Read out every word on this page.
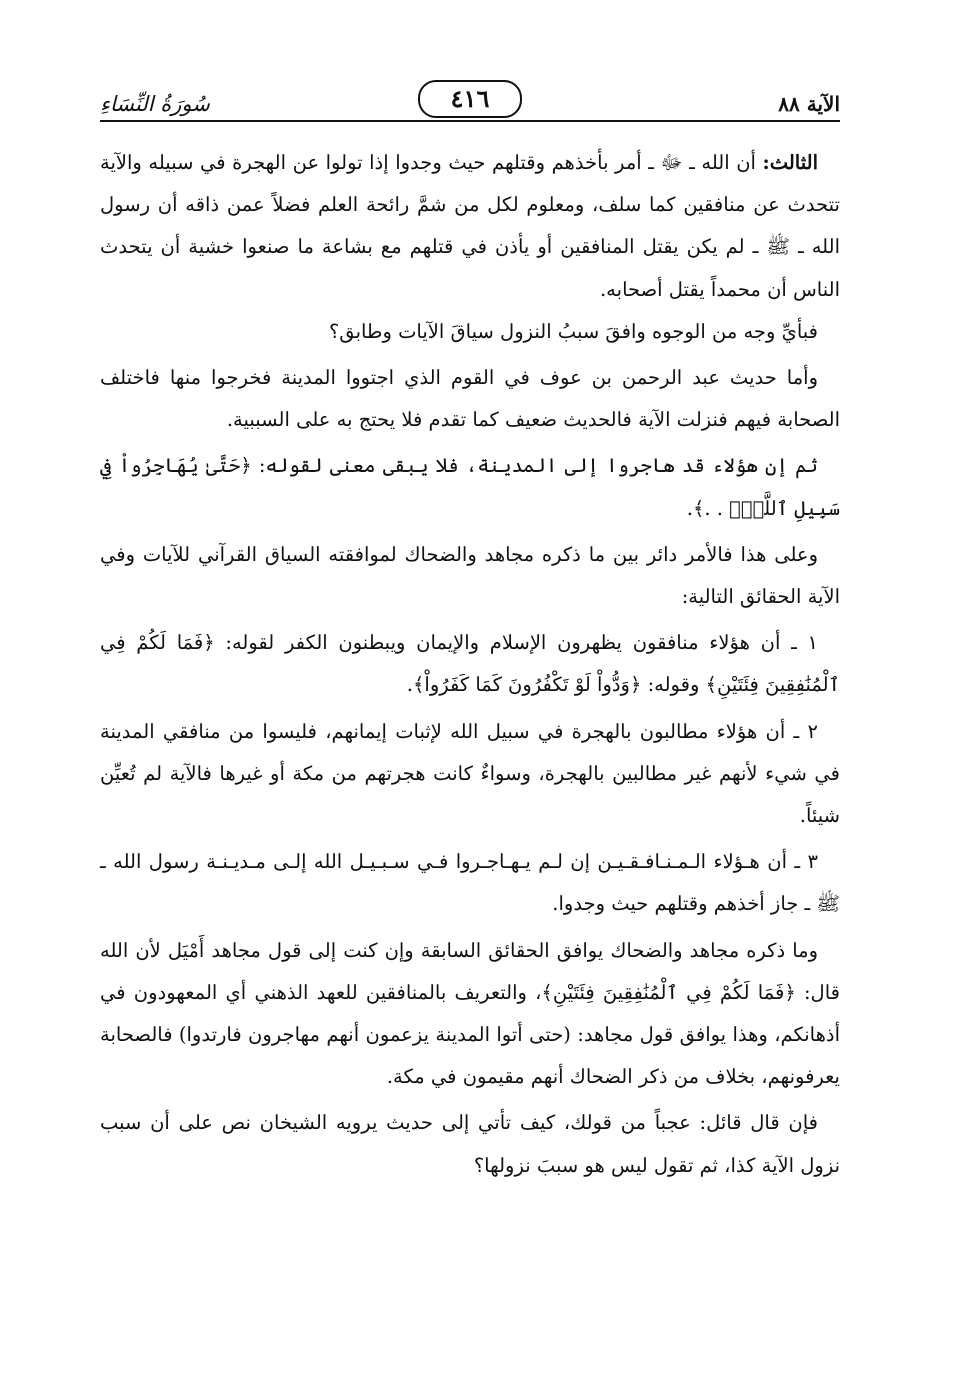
الآية ٨٨
٤١٦
سُورَةُ النِّسَاءِ

الثالث: أن الله ـ ﷻ ـ أمر بأخذهم وقتلهم حيث وجدوا إذا تولوا عن الهجرة في سبيله والآية تتحدث عن منافقين كما سلف، ومعلوم لكل من شمَّ رائحة العلم فضلاً عمن ذاقه أن رسول الله ـ ﷺ ـ لم يكن يقتل المنافقين أو يأذن في قتلهم مع بشاعة ما صنعوا خشية أن يتحدث الناس أن محمداً يقتل أصحابه.

فبأيِّ وجه من الوجوه وافقَ سببُ النزول سياقَ الآيات وطابق؟

وأما حديث عبد الرحمن بن عوف في القوم الذي اجتووا المدينة فخرجوا منها فاختلف الصحابة فيهم فنزلت الآية فالحديث ضعيف كما تقدم فلا يحتج به على السببية.

ثم إن هؤلاء قد هاجروا إلى المدينة، فلا يبقى معنى لقوله: ﴿حَتَّىٰ يُهَاجِرُواْ فِي سَبِيلِ ٱللَّهِۚ . .﴾.

وعلى هذا فالأمر دائر بين ما ذكره مجاهد والضحاك لموافقته السياق القرآني للآيات وفي الآية الحقائق التالية:

١ ـ أن هؤلاء منافقون يظهرون الإسلام والإيمان ويبطنون الكفر لقوله: ﴿فَمَا لَكُمْ فِي ٱلْمُنَٰفِقِينَ فِئَتَيْنِ﴾ وقوله: ﴿وَدُّواْ لَوْ تَكْفُرُونَ كَمَا كَفَرُواْ﴾.

٢ ـ أن هؤلاء مطالبون بالهجرة في سبيل الله لإثبات إيمانهم، فليسوا من منافقي المدينة في شيء لأنهم غير مطالبين بالهجرة، وسواءٌ كانت هجرتهم من مكة أو غيرها فالآية لم تُعيِّن شيئاً.

٣ ـ أن هـؤلاء الـمـنـافـقـيـن إن لـم يـهـاجـروا فـي سـبـيـل الله إلـى مـديـنـة رسول الله ـ ﷺ ـ جاز أخذهم وقتلهم حيث وجدوا.

وما ذكره مجاهد والضحاك يوافق الحقائق السابقة وإن كنت إلى قول مجاهد أَمْيَل لأن الله قال: ﴿فَمَا لَكُمْ فِي ٱلْمُنَٰفِقِينَ فِئَتَيْنِ﴾، والتعريف بالمنافقين للعهد الذهني أي المعهودون في أذهانكم، وهذا يوافق قول مجاهد: (حتى أتوا المدينة يزعمون أنهم مهاجرون فارتدوا) فالصحابة يعرفونهم، بخلاف من ذكر الضحاك أنهم مقيمون في مكة.

فإن قال قائل: عجباً من قولك، كيف تأتي إلى حديث يرويه الشيخان نص على أن سبب نزول الآية كذا، ثم تقول ليس هو سببَ نزولها؟
